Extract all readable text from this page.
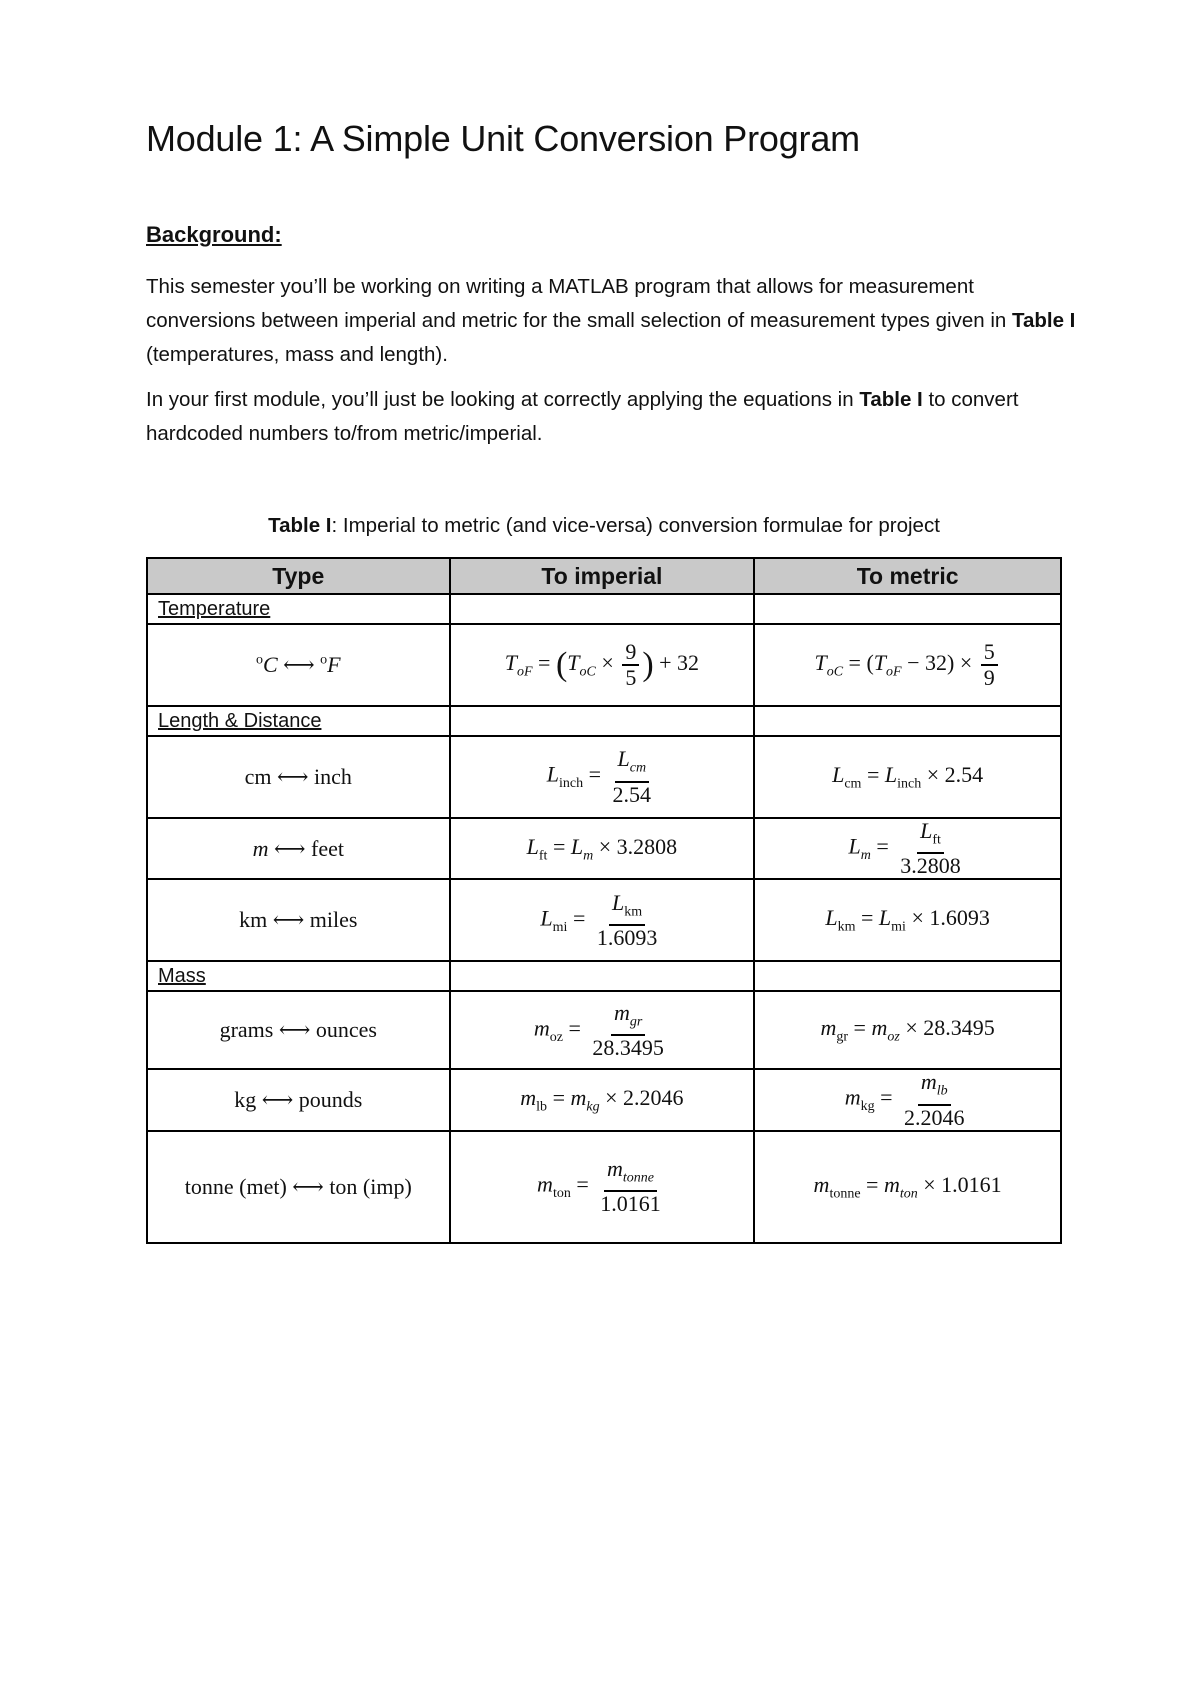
Module 1: A Simple Unit Conversion Program
Background:

This semester you’ll be working on writing a MATLAB program that allows for measurement conversions between imperial and metric for the small selection of measurement types given in Table I (temperatures, mass and length).

In your first module, you’ll just be looking at correctly applying the equations in Table I to convert hardcoded numbers to/from metric/imperial.

Table I: Imperial to metric (and vice-versa) conversion formulae for project

Type	To imperial	To metric
Temperature		
$^o$C ⟷ $^o$F	$T_{oF} = (T_{oC} \times \frac{9}{5}$ ) + 32	$T_{oC} = (T_{oF} - 32) \times \frac{5}{9}$

Length & Distance		
cm ⟷ inch	$L_{inch} = \frac{L_{cm}}{2.54}$	$L_{cm} = L_{inch} \times 2.54$
m ⟷ feet	$L_{ft} = L_m \times 3.2808$	$L_m = \frac{L_{ft}}{3.2808}$

km ⟷ miles	$L_{mi} = \frac{L_{km}}{1.6093}$	$L_{km} = L_{mi} \times 1.6093$
Mass		
grams ⟷ ounces	$m_{oz} = \frac{m_{gr}}{28.3495}$	$m_{gr} = m_{oz} \times 28.3495$
kg ⟷ pounds	$m_{lb} = m_{kg} \times 2.2046$	$m_{kg} = \frac{m_{lb}}{2.2046}$

tonne (met) ⟷ ton (imp)	$m_{ton} = \frac{m_{tonne}}{1.0161}$	$m_{tonne} = m_{ton} \times 1.0161$
